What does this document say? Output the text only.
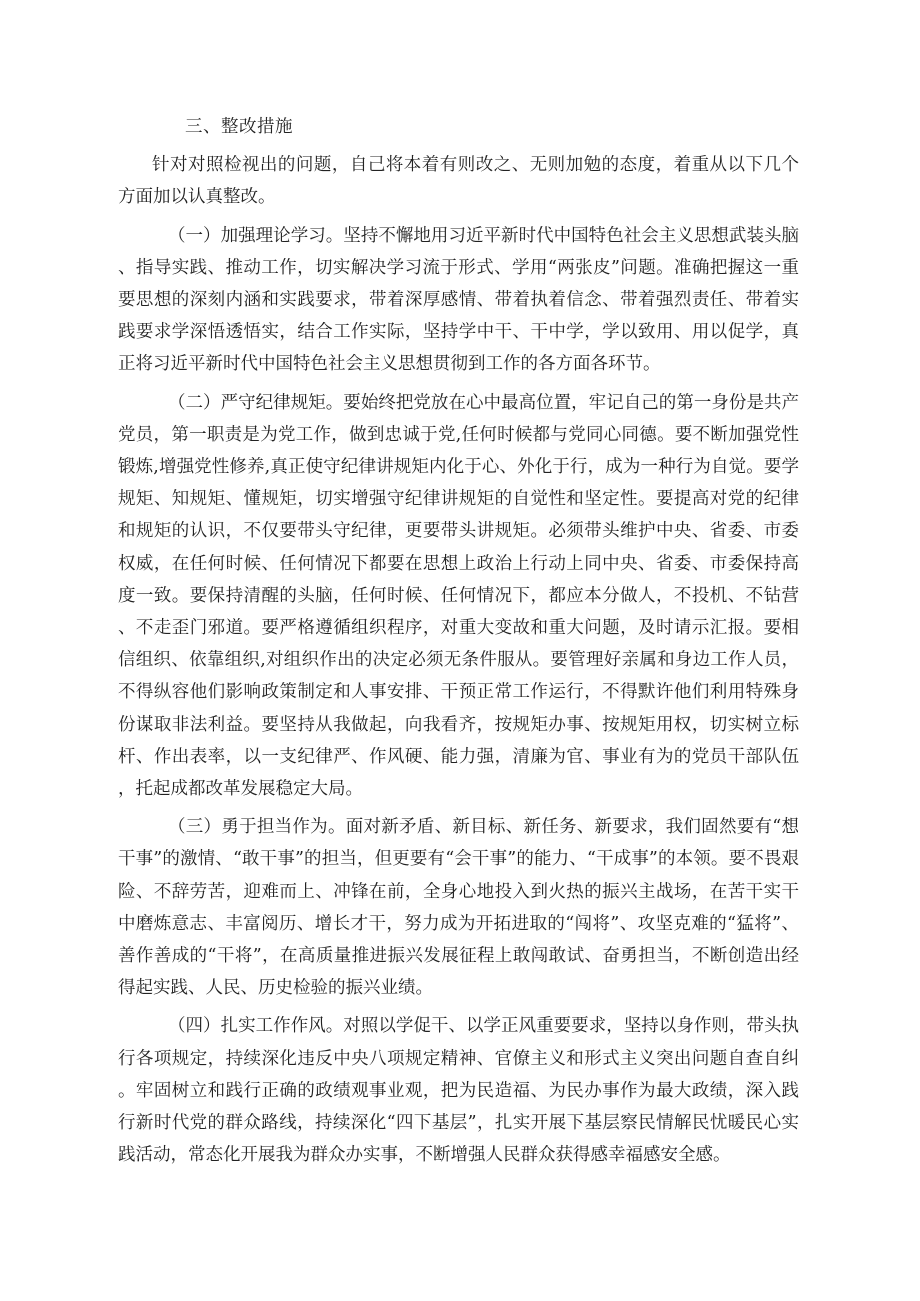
三、整改措施

针对对照检视出的问题，自己将本着有则改之、无则加勉的态度，着重从以下几个方面加以认真整改。

（一）加强理论学习。坚持不懈地用习近平新时代中国特色社会主义思想武装头脑、指导实践、推动工作，切实解决学习流于形式、学用“两张皮”问题。准确把握这一重要思想的深刻内涵和实践要求，带着深厚感情、带着执着信念、带着强烈责任、带着实践要求学深悟透悟实，结合工作实际，坚持学中干、干中学，学以致用、用以促学，真正将习近平新时代中国特色社会主义思想贯彻到工作的各方面各环节。

（二）严守纪律规矩。要始终把党放在心中最高位置，牢记自己的第一身份是共产党员，第一职责是为党工作，做到忠诚于党,任何时候都与党同心同德。要不断加强党性锻炼,增强党性修养,真正使守纪律讲规矩内化于心、外化于行，成为一种行为自觉。要学规矩、知规矩、懂规矩，切实增强守纪律讲规矩的自觉性和坚定性。要提高对党的纪律和规矩的认识，不仅要带头守纪律，更要带头讲规矩。必须带头维护中央、省委、市委权威，在任何时候、任何情况下都要在思想上政治上行动上同中央、省委、市委保持高度一致。要保持清醒的头脑，任何时候、任何情况下，都应本分做人，不投机、不钻营、不走歪门邪道。要严格遵循组织程序，对重大变故和重大问题，及时请示汇报。要相信组织、依靠组织,对组织作出的决定必须无条件服从。要管理好亲属和身边工作人员，不得纵容他们影响政策制定和人事安排、干预正常工作运行，不得默许他们利用特殊身份谋取非法利益。要坚持从我做起，向我看齐，按规矩办事、按规矩用权，切实树立标杆、作出表率，以一支纪律严、作风硬、能力强，清廉为官、事业有为的党员干部队伍，托起成都改革发展稳定大局。

（三）勇于担当作为。面对新矛盾、新目标、新任务、新要求，我们固然要有“想干事”的激情、“敢干事”的担当，但更要有“会干事”的能力、“干成事”的本领。要不畏艰险、不辞劳苦，迎难而上、冲锋在前，全身心地投入到火热的振兴主战场，在苦干实干中磨炼意志、丰富阅历、增长才干，努力成为开拓进取的“闯将”、攻坚克难的“猛将”、善作善成的“干将”，在高质量推进振兴发展征程上敢闯敢试、奋勇担当，不断创造出经得起实践、人民、历史检验的振兴业绩。

（四）扎实工作作风。对照以学促干、以学正风重要要求，坚持以身作则，带头执行各项规定，持续深化违反中央八项规定精神、官僚主义和形式主义突出问题自查自纠。牢固树立和践行正确的政绩观事业观，把为民造福、为民办事作为最大政绩，深入践行新时代党的群众路线，持续深化“四下基层”，扎实开展下基层察民情解民忧暖民心实践活动，常态化开展我为群众办实事，不断增强人民群众获得感幸福感安全感。
